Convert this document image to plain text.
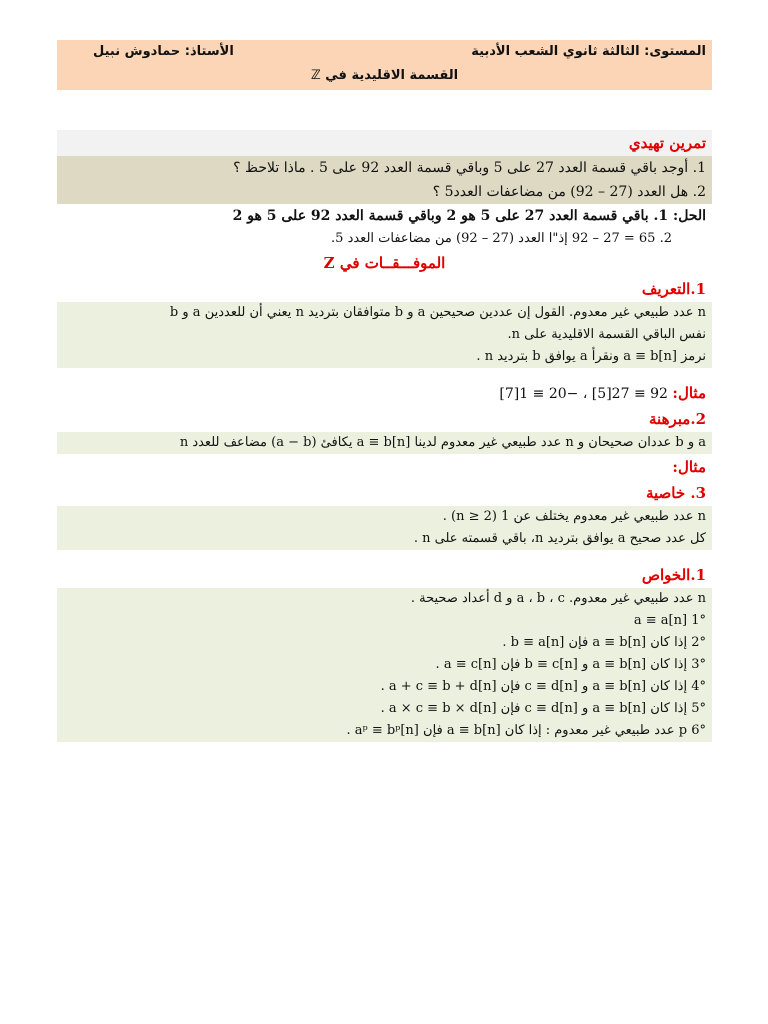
المستوى: الثالثة ثانوي الشعب الأدبية
الأستاذ: حمادوش نبيل
القسمة الاقليدية في ℤ
تمرين تهيدي
1. أوجد باقي قسمة العدد 27 على 5 وباقي قسمة العدد 92 على 5 . ماذا تلاحظ ؟
2. هل العدد (27 – 92) من مضاعفات العدد5 ؟
الحل: 1. باقي قسمة العدد 27 على 5 هو 2 وباقي قسمة العدد 92 على 5 هو 2
2. 65 = 27 – 92 إذ"ا العدد (27 – 92) من مضاعفات العدد 5.
الموفـــقــات في Z
1.التعريف
n عدد طبيعي غير معدوم. القول إن عددين صحيحين a و b متوافقان بترديد n يعني أن للعددين a و b
نفس الباقي القسمة الاقليدية على n.
نرمز a ≡ b[n] ونقرأ a يوافق b بترديد n .
مثال: 92 ≡ 27[5] ، −20 ≡ 1[7]
2.مبرهنة
a و b عددان صحيحان و n عدد طبيعي غير معدوم لدينا a ≡ b[n] يكافئ (a − b) مضاعف للعدد n
مثال:
3. خاصية
n عدد طبيعي غير معدوم يختلف عن 1 (n ≥ 2) .
كل عدد صحيح a يوافق بترديد n، باقي قسمته على n .
1.الخواص
n عدد طبيعي غير معدوم. a ، b ، c و d أعداد صحيحة .
1° a ≡ a[n]
2° إذا كان a ≡ b[n] فإن b ≡ a[n] .
3° إذا كان a ≡ b[n] و b ≡ c[n] فإن a ≡ c[n] .
4° إذا كان a ≡ b[n] و c ≡ d[n] فإن a + c ≡ b + d[n] .
5° إذا كان a ≡ b[n] و c ≡ d[n] فإن a × c ≡ b × d[n] .
6° p عدد طبيعي غير معدوم : إذا كان a ≡ b[n] فإن aᵖ ≡ bᵖ[n] .
